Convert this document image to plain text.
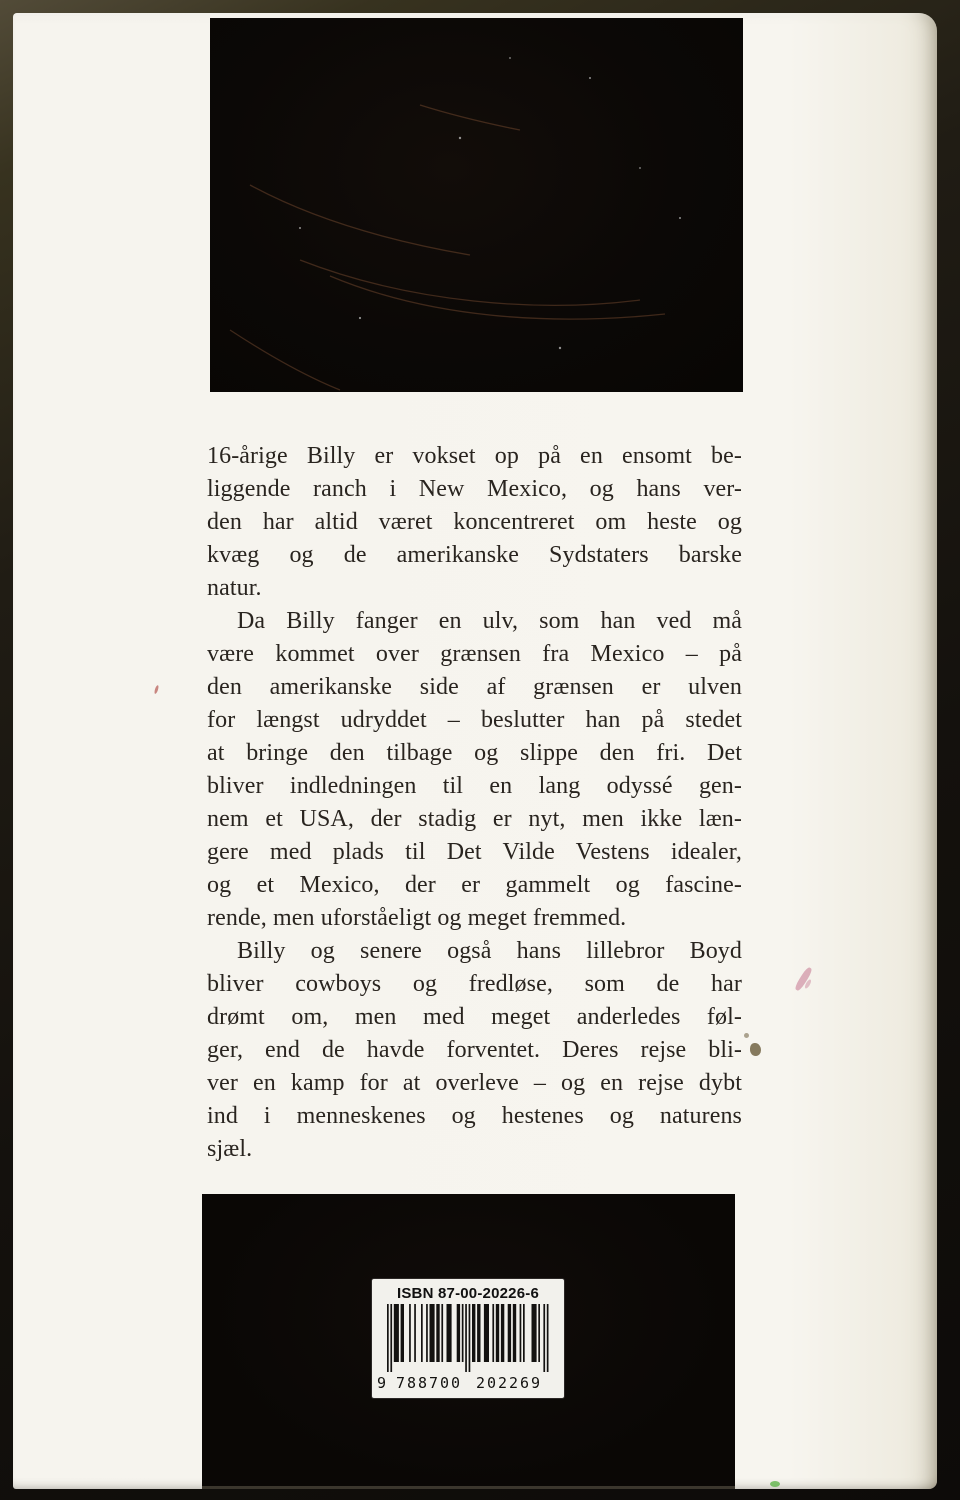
16-årige Billy er vokset op på en ensomt be-
liggende ranch i New Mexico, og hans ver-
den har altid været koncentreret om heste og
kvæg og de amerikanske Sydstaters barske
natur.
Da Billy fanger en ulv, som han ved må
være kommet over grænsen fra Mexico – på
den amerikanske side af grænsen er ulven
for længst udryddet – beslutter han på stedet
at bringe den tilbage og slippe den fri. Det
bliver indledningen til en lang odyssé gen-
nem et USA, der stadig er nyt, men ikke læn-
gere med plads til Det Vilde Vestens idealer,
og et Mexico, der er gammelt og fascine-
rende, men uforståeligt og meget fremmed.
Billy og senere også hans lillebror Boyd
bliver cowboys og fredløse, som de har
drømt om, men med meget anderledes føl-
ger, end de havde forventet. Deres rejse bli-
ver en kamp for at overleve – og en rejse dybt
ind i menneskenes og hestenes og naturens
sjæl.
ISBN 87-00-20226-6
9 788700 202269
